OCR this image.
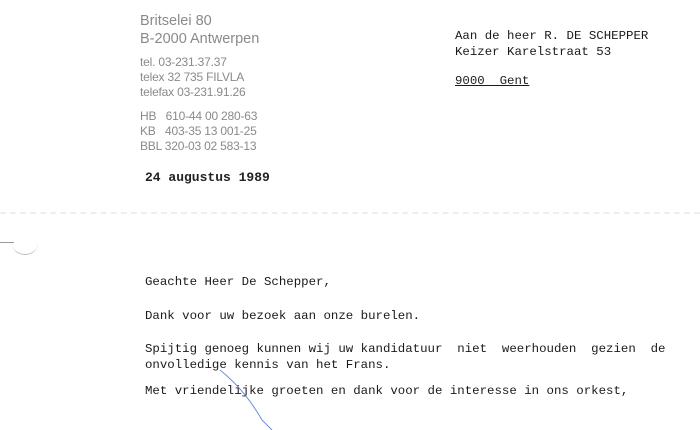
Britselei 80
B-2000 Antwerpen
tel. 03-231.37.37
telex 32 735 FILVLA
telefax 03-231.91.26
HB   610-44 00 280-63
KB   403-35 13 001-25
BBL 320-03 02 583-13
24 augustus 1989
Aan de heer R. DE SCHEPPER
Keizer Karelstraat 53
9000  Gent
Geachte Heer De Schepper,
Dank voor uw bezoek aan onze burelen.
Spijtig genoeg kunnen wij uw kandidatuur  niet  weerhouden  gezien  de
onvolledige kennis van het Frans.
Met vriendelijke groeten en dank voor de interesse in ons orkest,
